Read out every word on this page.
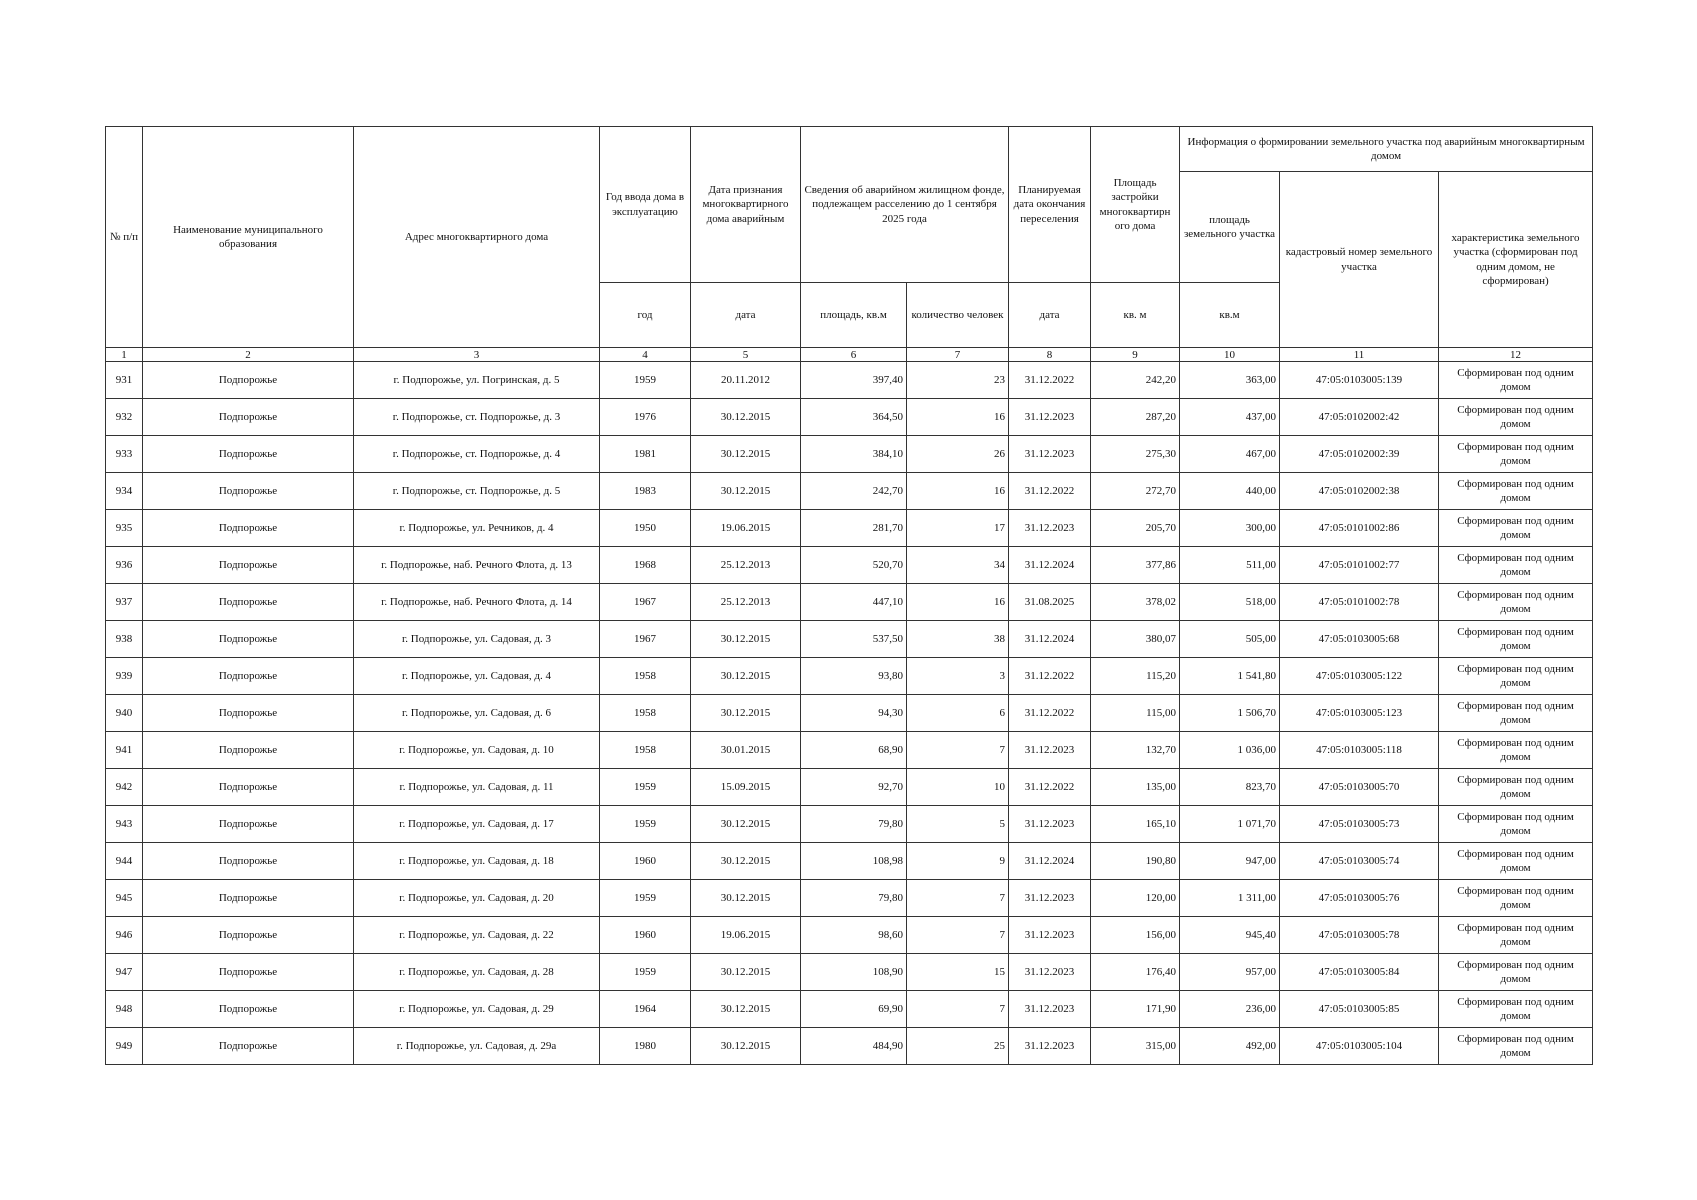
№ п/п	Наименование муниципального образования	Адрес многоквартирного дома	Год ввода дома в эксплуатацию	Дата признания многоквартирного дома аварийным	Сведения об аварийном жилищном фонде, подлежащем расселению до 1 сентября 2025 года		Планируемая дата окончания переселения	Площадь застройки многоквартирн ого дома	Информация о формировании земельного участка под аварийным многоквартирным домом		
									площадь земельного участка	кадастровый номер земельного участка	характеристика земельного участка (сформирован под одним домом, не сформирован)
			год	дата	площадь, кв.м	количество человек	дата	кв. м	кв.м		
1	2	3	4	5	6	7	8	9	10	11	12
931	Подпорожье	г. Подпорожье, ул. Погринская, д. 5	1959	20.11.2012	397,40	23	31.12.2022	242,20	363,00	47:05:0103005:139	Сформирован под одним домом
932	Подпорожье	г. Подпорожье, ст. Подпорожье, д. 3	1976	30.12.2015	364,50	16	31.12.2023	287,20	437,00	47:05:0102002:42	Сформирован под одним домом
933	Подпорожье	г. Подпорожье, ст. Подпорожье, д. 4	1981	30.12.2015	384,10	26	31.12.2023	275,30	467,00	47:05:0102002:39	Сформирован под одним домом
934	Подпорожье	г. Подпорожье, ст. Подпорожье, д. 5	1983	30.12.2015	242,70	16	31.12.2022	272,70	440,00	47:05:0102002:38	Сформирован под одним домом
935	Подпорожье	г. Подпорожье, ул. Речников, д. 4	1950	19.06.2015	281,70	17	31.12.2023	205,70	300,00	47:05:0101002:86	Сформирован под одним домом
936	Подпорожье	г. Подпорожье, наб. Речного Флота, д. 13	1968	25.12.2013	520,70	34	31.12.2024	377,86	511,00	47:05:0101002:77	Сформирован под одним домом
937	Подпорожье	г. Подпорожье, наб. Речного Флота, д. 14	1967	25.12.2013	447,10	16	31.08.2025	378,02	518,00	47:05:0101002:78	Сформирован под одним домом
938	Подпорожье	г. Подпорожье, ул. Садовая, д. 3	1967	30.12.2015	537,50	38	31.12.2024	380,07	505,00	47:05:0103005:68	Сформирован под одним домом
939	Подпорожье	г. Подпорожье, ул. Садовая, д. 4	1958	30.12.2015	93,80	3	31.12.2022	115,20	1 541,80	47:05:0103005:122	Сформирован под одним домом
940	Подпорожье	г. Подпорожье, ул. Садовая, д. 6	1958	30.12.2015	94,30	6	31.12.2022	115,00	1 506,70	47:05:0103005:123	Сформирован под одним домом
941	Подпорожье	г. Подпорожье, ул. Садовая, д. 10	1958	30.01.2015	68,90	7	31.12.2023	132,70	1 036,00	47:05:0103005:118	Сформирован под одним домом
942	Подпорожье	г. Подпорожье, ул. Садовая, д. 11	1959	15.09.2015	92,70	10	31.12.2022	135,00	823,70	47:05:0103005:70	Сформирован под одним домом
943	Подпорожье	г. Подпорожье, ул. Садовая, д. 17	1959	30.12.2015	79,80	5	31.12.2023	165,10	1 071,70	47:05:0103005:73	Сформирован под одним домом
944	Подпорожье	г. Подпорожье, ул. Садовая, д. 18	1960	30.12.2015	108,98	9	31.12.2024	190,80	947,00	47:05:0103005:74	Сформирован под одним домом
945	Подпорожье	г. Подпорожье, ул. Садовая, д. 20	1959	30.12.2015	79,80	7	31.12.2023	120,00	1 311,00	47:05:0103005:76	Сформирован под одним домом
946	Подпорожье	г. Подпорожье, ул. Садовая, д. 22	1960	19.06.2015	98,60	7	31.12.2023	156,00	945,40	47:05:0103005:78	Сформирован под одним домом
947	Подпорожье	г. Подпорожье, ул. Садовая, д. 28	1959	30.12.2015	108,90	15	31.12.2023	176,40	957,00	47:05:0103005:84	Сформирован под одним домом
948	Подпорожье	г. Подпорожье, ул. Садовая, д. 29	1964	30.12.2015	69,90	7	31.12.2023	171,90	236,00	47:05:0103005:85	Сформирован под одним домом
949	Подпорожье	г. Подпорожье, ул. Садовая, д. 29а	1980	30.12.2015	484,90	25	31.12.2023	315,00	492,00	47:05:0103005:104	Сформирован под одним домом
